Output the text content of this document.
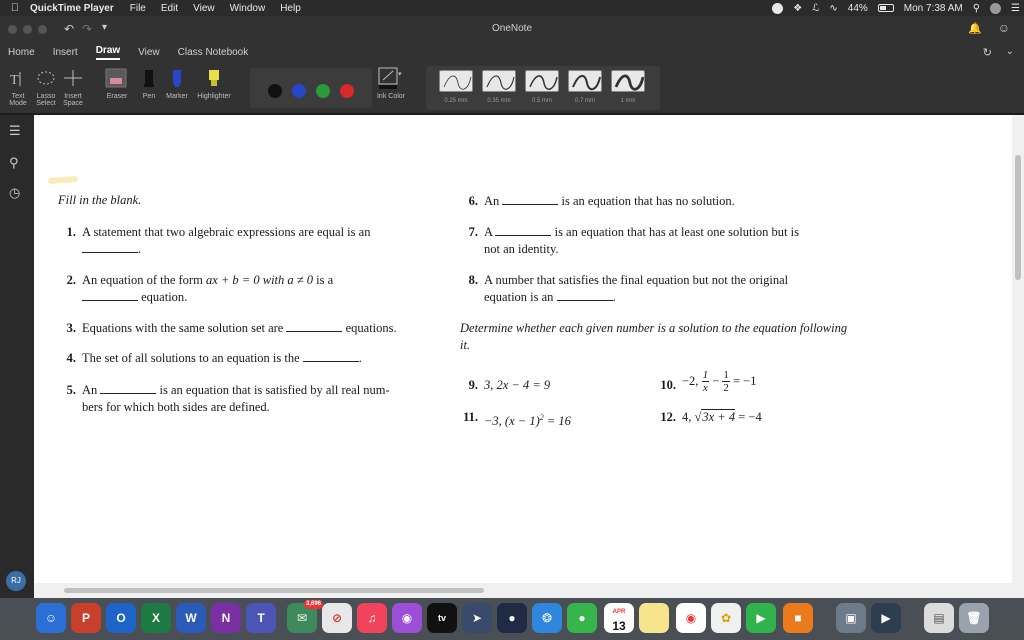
QuickTime Player File Edit View Window Help	❖ ℒ ∿ 44%	Mon 7:38 AM ⚲	☰
↶ ↷ ▾	OneNote	🔔 ☺
Home Insert Draw View Class Notebook	↻ ⌄
T
Text Mode
Lasso Select
Insert Space
Eraser	Pen	Marker	Highlighter
▾
Ink Color
0.25 mm	0.35 mm	0.5 mm	0.7 mm	1 mm
☰
⚲
◷
RJ
Fill in the blank.
1. A statement that two algebraic expressions are equal is an
.
2. An equation of the form ax + b = 0 with a ≠ 0 is a
equation.
3. Equations with the same solution set are	equations.
4. The set of all solutions to an equation is the	.
5. An	is an equation that is satisfied by all real num-
bers for which both sides are defined.
6. An	is an equation that has no solution.
7. A	is an equation that has at least one solution but is
not an identity.
8. A number that satisfies the final equation but not the original
equation is an	.
Determine whether each given number is a solution to the equation following it.
9. 3, 2x − 4 = 9	10. −2, $\frac{1}{x} - \frac{1}{2} = -1$
11. −3, $(x - 1)^2 = 16$	12. 4, √3x + 4 = −4
☺	P	O	X	W	N	T	✉
3,696
⊘	♫	◉	tv	➤	●	❂	●	APR
13
◉	✿	▶	■	▣	▶	▤	🗑
